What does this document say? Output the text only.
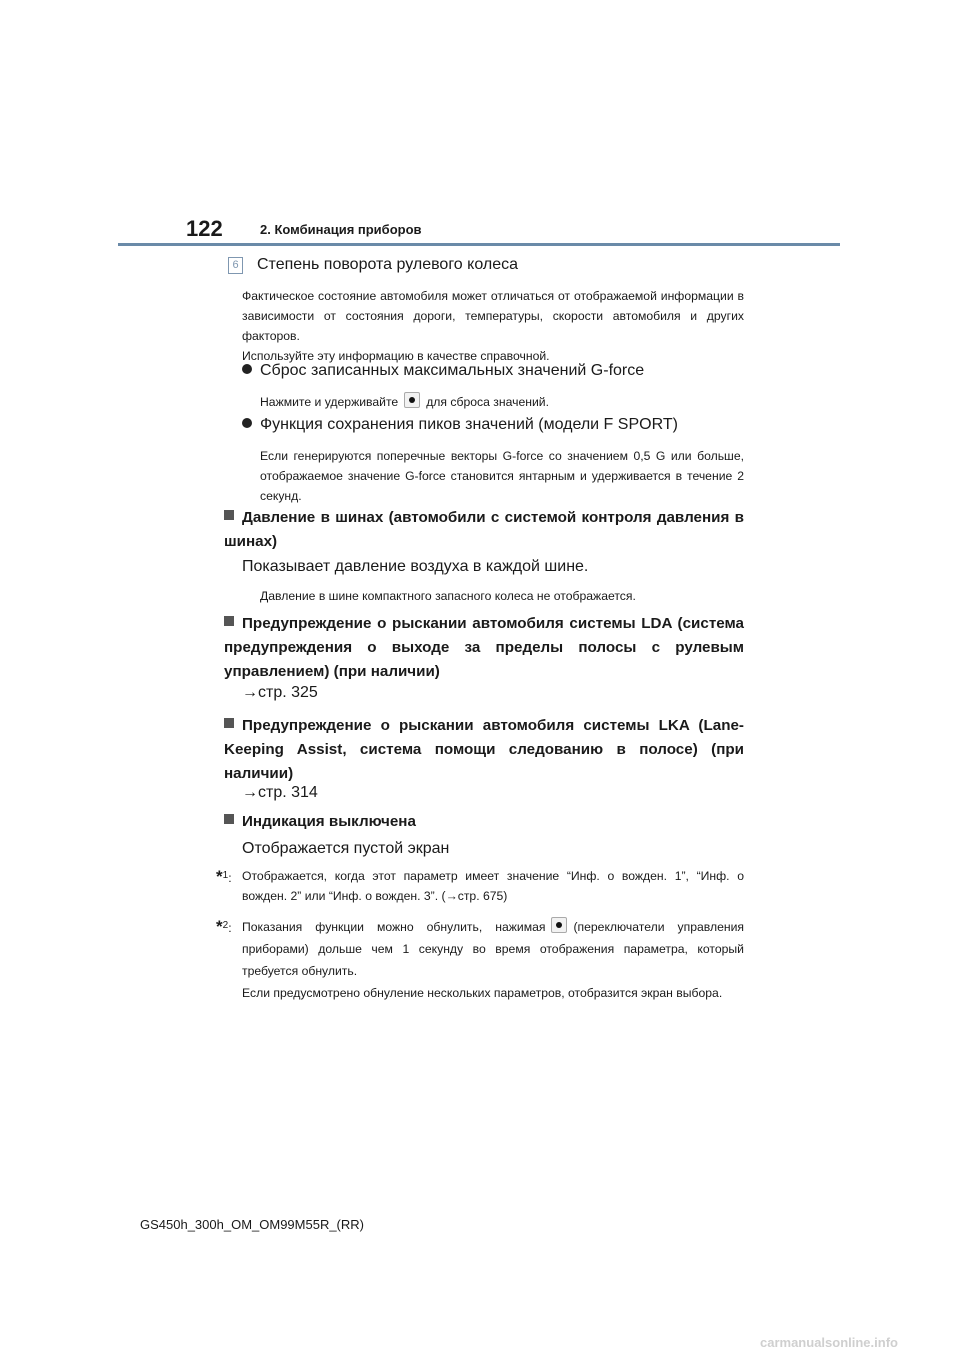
122	2. Комбинация приборов
6 Степень поворота рулевого колеса
Фактическое состояние автомобиля может отличаться от отображаемой информации в зависимости от состояния дороги, температуры, скорости автомобиля и других факторов.
Используйте эту информацию в качестве справочной.
Сброс записанных максимальных значений G-force
Нажмите и удерживайте для сброса значений.
Функция сохранения пиков значений (модели F SPORT)
Если генерируются поперечные векторы G-force со значением 0,5 G или больше, отображаемое значение G-force становится янтарным и удерживается в течение 2 секунд.
Давление в шинах (автомобили с системой контроля давления в шинах)
Показывает давление воздуха в каждой шине.
Давление в шине компактного запасного колеса не отображается.
Предупреждение о рыскании автомобиля системы LDA (система предупреждения о выходе за пределы полосы с рулевым управлением) (при наличии)
→стр. 325
Предупреждение о рыскании автомобиля системы LKA (Lane-Keeping Assist, система помощи следованию в полосе) (при наличии)
→стр. 314
Индикация выключена
Отображается пустой экран
*$^1$: Отображается, когда этот параметр имеет значение “Инф. о вожден. 1”, “Инф. о вожден. 2” или “Инф. о вожден. 3”. (→стр. 675)
*$^2$: Показания функции можно обнулить, нажимая (переключатели управления приборами) дольше чем 1 секунду во время отображения параметра, который требуется обнулить.
Если предусмотрено обнуление нескольких параметров, отобразится экран выбора.
GS450h_300h_OM_OM99M55R_(RR)
carmanualsonline.info
